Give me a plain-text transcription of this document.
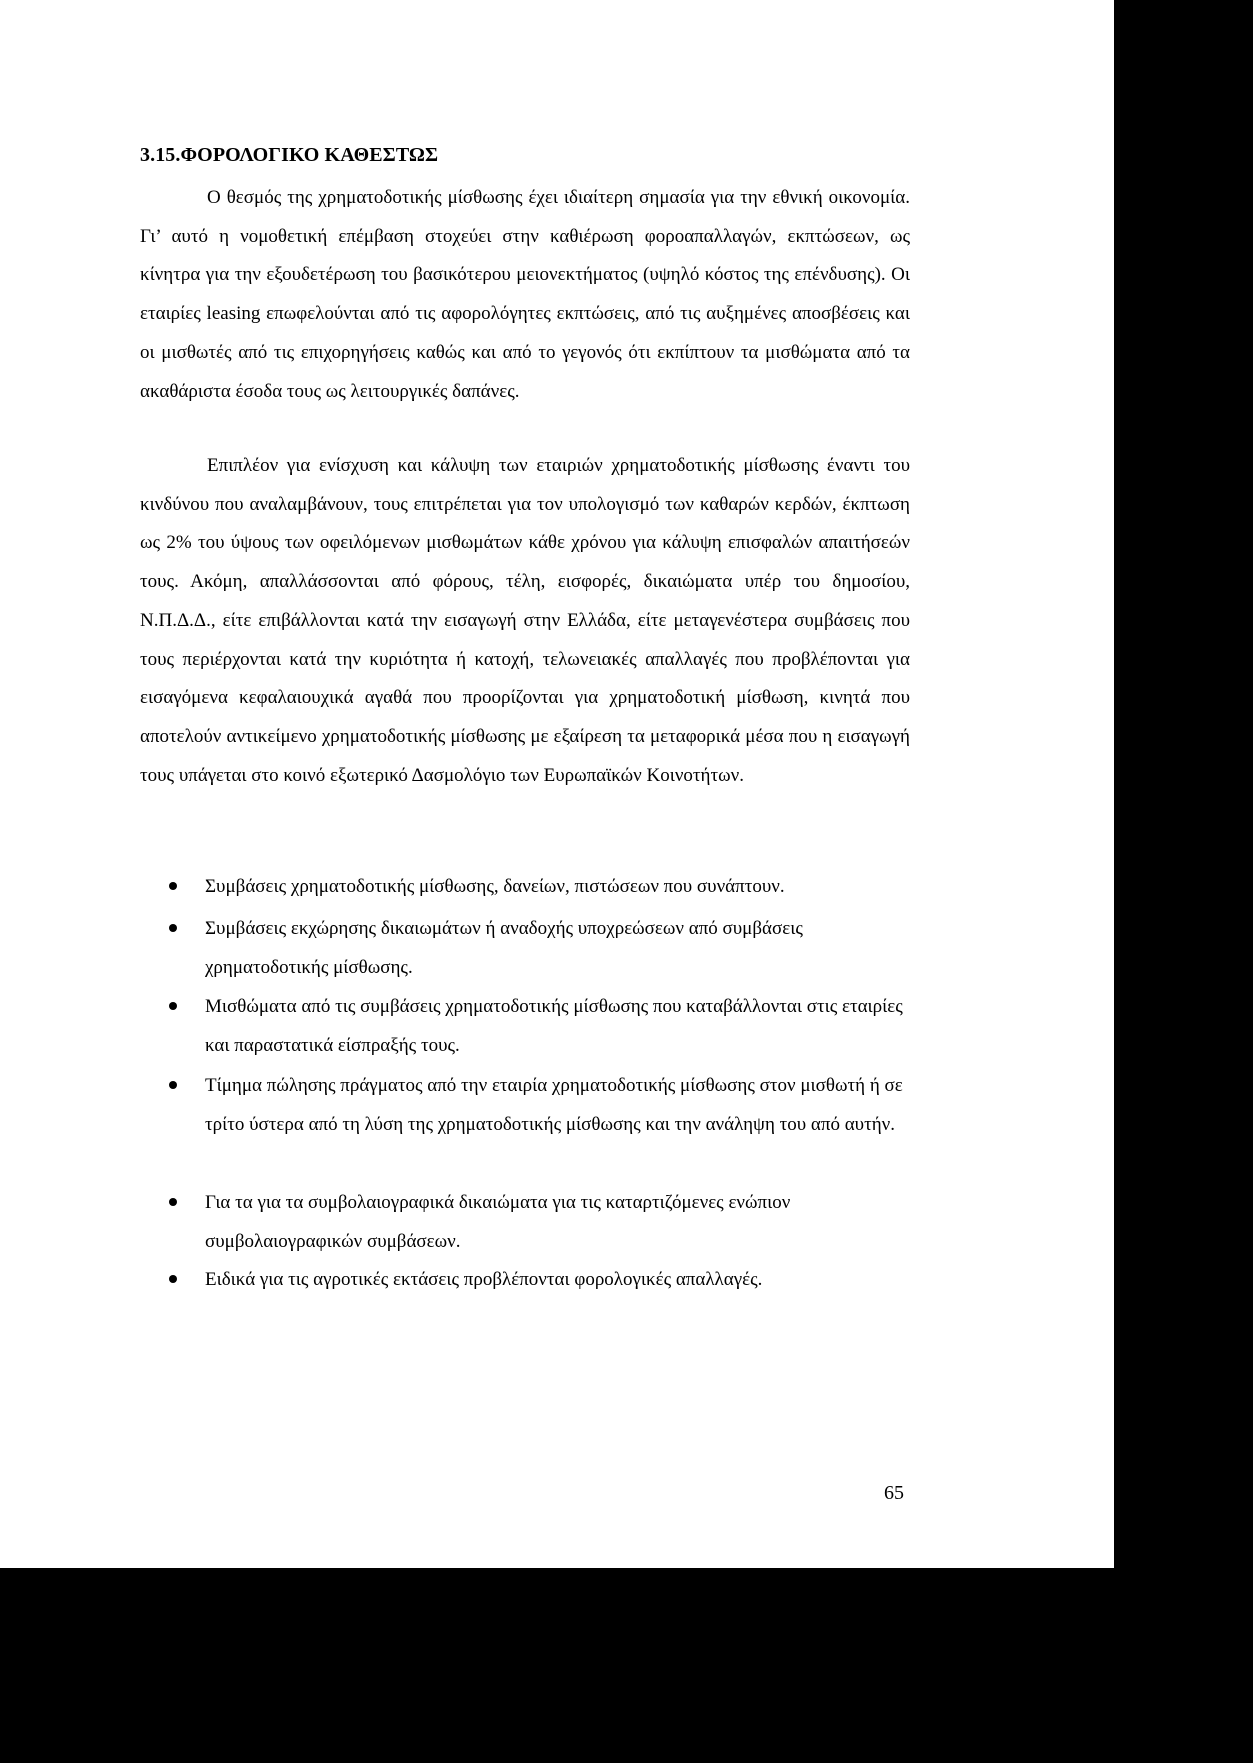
3.15.ΦΟΡΟΛΟΓΙΚΟ ΚΑΘΕΣΤΩΣ

Ο θεσμός της χρηματοδοτικής μίσθωσης έχει ιδιαίτερη σημασία για την εθνική οικονομία. Γι’ αυτό η νομοθετική επέμβαση στοχεύει στην καθιέρωση φοροαπαλλαγών, εκπτώσεων, ως κίνητρα για την εξουδετέρωση του βασικότερου μειονεκτήματος (υψηλό κόστος της επένδυσης). Οι εταιρίες leasing επωφελούνται από τις αφορολόγητες εκπτώσεις, από τις αυξημένες αποσβέσεις και οι μισθωτές από τις επιχορηγήσεις καθώς και από το γεγονός ότι εκπίπτουν τα μισθώματα από τα ακαθάριστα έσοδα τους ως λειτουργικές δαπάνες.

Επιπλέον για ενίσχυση και κάλυψη των εταιριών χρηματοδοτικής μίσθωσης έναντι του κινδύνου που αναλαμβάνουν, τους επιτρέπεται για τον υπολογισμό των καθαρών κερδών, έκπτωση ως 2% του ύψους των οφειλόμενων μισθωμάτων κάθε χρόνου για κάλυψη επισφαλών απαιτήσεών τους. Ακόμη, απαλλάσσονται από φόρους, τέλη, εισφορές, δικαιώματα υπέρ του δημοσίου, Ν.Π.Δ.Δ., είτε επιβάλλονται κατά την εισαγωγή στην Ελλάδα, είτε μεταγενέστερα συμβάσεις που τους περιέρχονται κατά την κυριότητα ή κατοχή, τελωνειακές απαλλαγές που προβλέπονται για εισαγόμενα κεφαλαιουχικά αγαθά που προορίζονται για χρηματοδοτική μίσθωση, κινητά που αποτελούν αντικείμενο χρηματοδοτικής μίσθωσης με εξαίρεση τα μεταφορικά μέσα που η εισαγωγή τους υπάγεται στο κοινό εξωτερικό Δασμολόγιο των Ευρωπαϊκών Κοινοτήτων.

Συμβάσεις χρηματοδοτικής μίσθωσης, δανείων, πιστώσεων που συνάπτουν.
Συμβάσεις εκχώρησης δικαιωμάτων ή αναδοχής υποχρεώσεων από συμβάσεις χρηματοδοτικής μίσθωσης.
Μισθώματα από τις συμβάσεις χρηματοδοτικής μίσθωσης που καταβάλλονται στις εταιρίες και παραστατικά είσπραξής τους.
Τίμημα πώλησης πράγματος από την εταιρία χρηματοδοτικής μίσθωσης στον μισθωτή ή σε τρίτο ύστερα από τη λύση της χρηματοδοτικής μίσθωσης και την ανάληψη του από αυτήν.
Για τα για τα συμβολαιογραφικά δικαιώματα για τις καταρτιζόμενες ενώπιον συμβολαιογραφικών συμβάσεων.
Ειδικά για τις αγροτικές εκτάσεις προβλέπονται φορολογικές απαλλαγές.
65
